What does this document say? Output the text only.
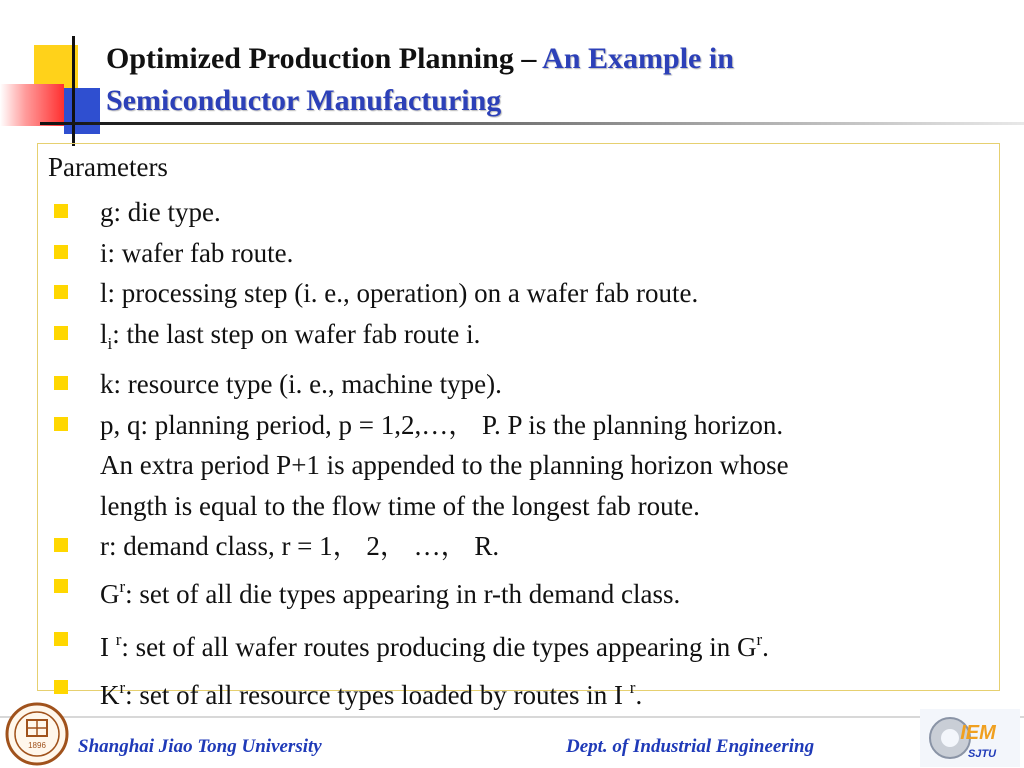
Optimized Production Planning – An Example in
Semiconductor Manufacturing
Parameters
g: die type.
i: wafer fab route.
l: processing step (i. e., operation) on a wafer fab route.
$l_i$: the last step on wafer fab route i.
k: resource type (i. e., machine type).
p, q: planning period, p = 1,2,…， P. P is the planning horizon.
An extra period P+1 is appended to the planning horizon whose
length is equal to the flow time of the longest fab route.
r: demand class, r = 1， 2， …， R.
$G^r$: set of all die types appearing in r-th demand class.
I $^r$: set of all wafer routes producing die types appearing in $G^r$.
$K^r$: set of all resource types loaded by routes in I $^r$.
1896 Shanghai Jiao Tong University	Dept. of Industrial Engineering
IEM
SJTU
